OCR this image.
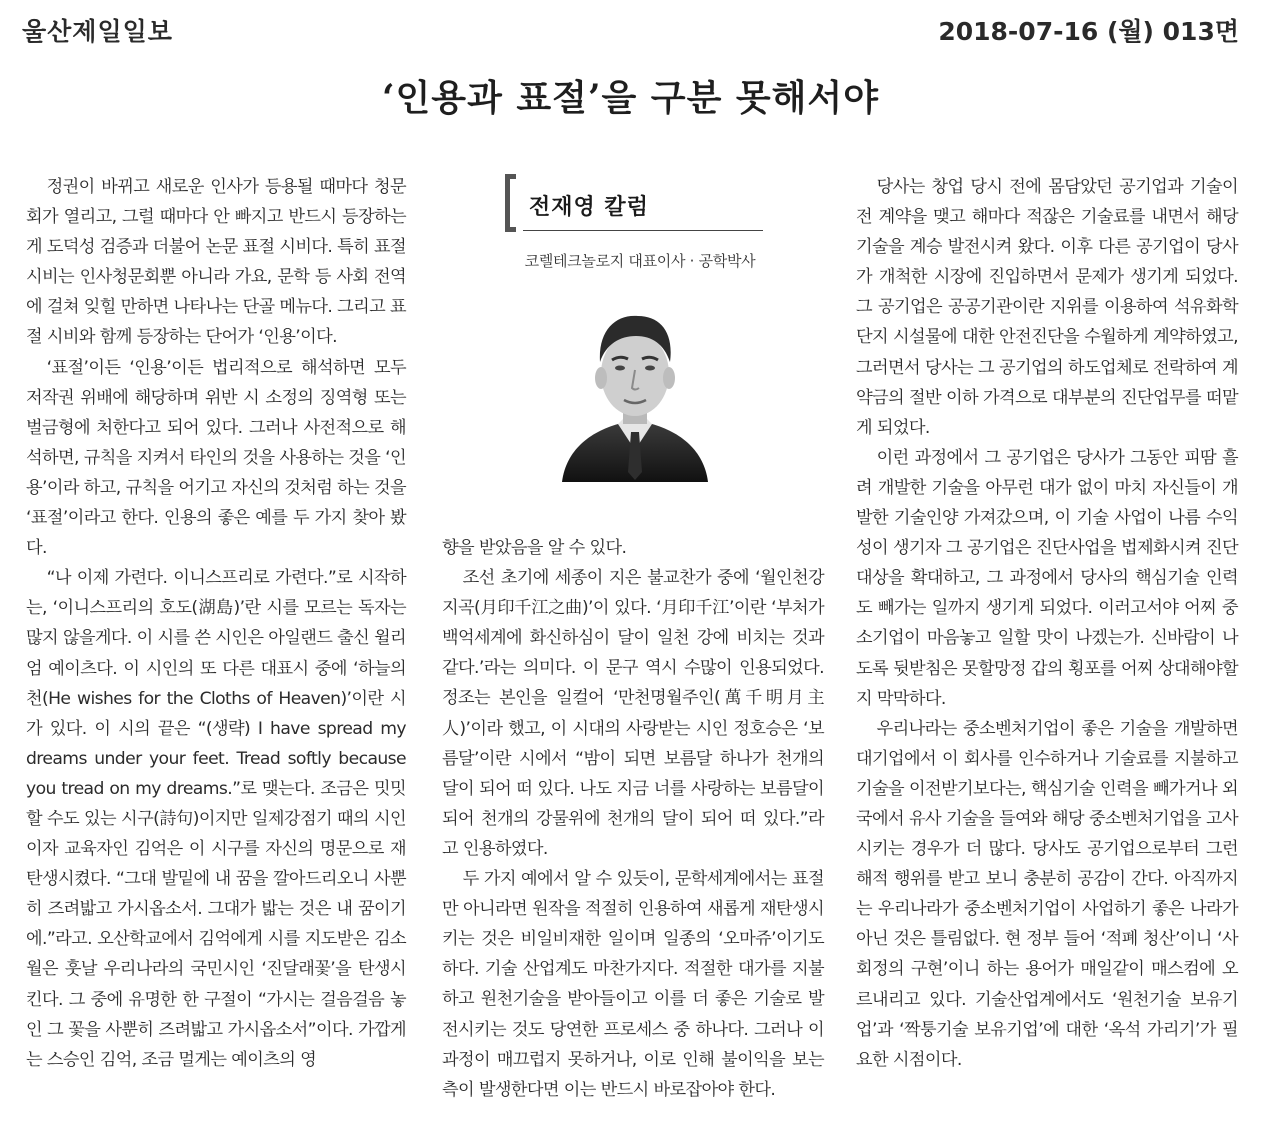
울산제일일보	2018-07-16 (월) 013면
‘인용과 표절’을 구분 못해서야

정권이 바뀌고 새로운 인사가 등용될 때마다 청문회가 열리고, 그럴 때마다 안 빠지고 반드시 등장하는 게 도덕성 검증과 더불어 논문 표절 시비다. 특히 표절 시비는 인사청문회뿐 아니라 가요, 문학 등 사회 전역에 걸쳐 잊힐 만하면 나타나는 단골 메뉴다. 그리고 표절 시비와 함께 등장하는 단어가 ‘인용’이다.

‘표절’이든 ‘인용’이든 법리적으로 해석하면 모두 저작권 위배에 해당하며 위반 시 소정의 징역형 또는 벌금형에 처한다고 되어 있다. 그러나 사전적으로 해석하면, 규칙을 지켜서 타인의 것을 사용하는 것을 ‘인용’이라 하고, 규칙을 어기고 자신의 것처럼 하는 것을 ‘표절’이라고 한다. 인용의 좋은 예를 두 가지 찾아 봤다.

“나 이제 가련다. 이니스프리로 가련다.”로 시작하는, ‘이니스프리의 호도(湖島)’란 시를 모르는 독자는 많지 않을게다. 이 시를 쓴 시인은 아일랜드 출신 윌리엄 예이츠다. 이 시인의 또 다른 대표시 중에 ‘하늘의 천(He wishes for the Cloths of Heaven)’이란 시가 있다. 이 시의 끝은 “(생략) I have spread my dreams under your feet. Tread softly because you tread on my dreams.”로 맺는다. 조금은 밋밋할 수도 있는 시구(詩句)이지만 일제강점기 때의 시인이자 교육자인 김억은 이 시구를 자신의 명문으로 재탄생시켰다. “그대 발밑에 내 꿈을 깔아드리오니 사뿐히 즈려밟고 가시옵소서. 그대가 밟는 것은 내 꿈이기에.”라고. 오산학교에서 김억에게 시를 지도받은 김소월은 훗날 우리나라의 국민시인 ‘진달래꽃’을 탄생시킨다. 그 중에 유명한 한 구절이 “가시는 걸음걸음 놓인 그 꽃을 사뿐히 즈려밟고 가시옵소서”이다. 가깝게는 스승인 김억, 조금 멀게는 예이츠의 영

전재영 칼럼
코렐테크놀로지 대표이사 · 공학박사

향을 받았음을 알 수 있다.

조선 초기에 세종이 지은 불교찬가 중에 ‘월인천강지곡(月印千江之曲)’이 있다. ‘月印千江’이란 ‘부처가 백억세계에 화신하심이 달이 일천 강에 비치는 것과 같다.’라는 의미다. 이 문구 역시 수많이 인용되었다. 정조는 본인을 일컬어 ‘만천명월주인(萬千明月主人)’이라 했고, 이 시대의 사랑받는 시인 정호승은 ‘보름달’이란 시에서 “밤이 되면 보름달 하나가 천개의 달이 되어 떠 있다. 나도 지금 너를 사랑하는 보름달이 되어 천개의 강물위에 천개의 달이 되어 떠 있다.”라고 인용하였다.

두 가지 예에서 알 수 있듯이, 문학세계에서는 표절만 아니라면 원작을 적절히 인용하여 새롭게 재탄생시키는 것은 비일비재한 일이며 일종의 ‘오마쥬’이기도 하다. 기술 산업계도 마찬가지다. 적절한 대가를 지불하고 원천기술을 받아들이고 이를 더 좋은 기술로 발전시키는 것도 당연한 프로세스 중 하나다. 그러나 이 과정이 매끄럽지 못하거나, 이로 인해 불이익을 보는 측이 발생한다면 이는 반드시 바로잡아야 한다.

당사는 창업 당시 전에 몸담았던 공기업과 기술이전 계약을 맺고 해마다 적잖은 기술료를 내면서 해당 기술을 계승 발전시켜 왔다. 이후 다른 공기업이 당사가 개척한 시장에 진입하면서 문제가 생기게 되었다. 그 공기업은 공공기관이란 지위를 이용하여 석유화학단지 시설물에 대한 안전진단을 수월하게 계약하였고, 그러면서 당사는 그 공기업의 하도업체로 전락하여 계약금의 절반 이하 가격으로 대부분의 진단업무를 떠맡게 되었다.

이런 과정에서 그 공기업은 당사가 그동안 피땀 흘려 개발한 기술을 아무런 대가 없이 마치 자신들이 개발한 기술인양 가져갔으며, 이 기술 사업이 나름 수익성이 생기자 그 공기업은 진단사업을 법제화시켜 진단대상을 확대하고, 그 과정에서 당사의 핵심기술 인력도 빼가는 일까지 생기게 되었다. 이러고서야 어찌 중소기업이 마음놓고 일할 맛이 나겠는가. 신바람이 나도록 뒷받침은 못할망정 갑의 횡포를 어찌 상대해야할지 막막하다.

우리나라는 중소벤처기업이 좋은 기술을 개발하면 대기업에서 이 회사를 인수하거나 기술료를 지불하고 기술을 이전받기보다는, 핵심기술 인력을 빼가거나 외국에서 유사 기술을 들여와 해당 중소벤처기업을 고사시키는 경우가 더 많다. 당사도 공기업으로부터 그런 해적 행위를 받고 보니 충분히 공감이 간다. 아직까지는 우리나라가 중소벤처기업이 사업하기 좋은 나라가 아닌 것은 틀림없다. 현 정부 들어 ‘적폐 청산’이니 ‘사회정의 구현’이니 하는 용어가 매일같이 매스컴에 오르내리고 있다. 기술산업계에서도 ‘원천기술 보유기업’과 ‘짝퉁기술 보유기업’에 대한 ‘옥석 가리기’가 필요한 시점이다.
